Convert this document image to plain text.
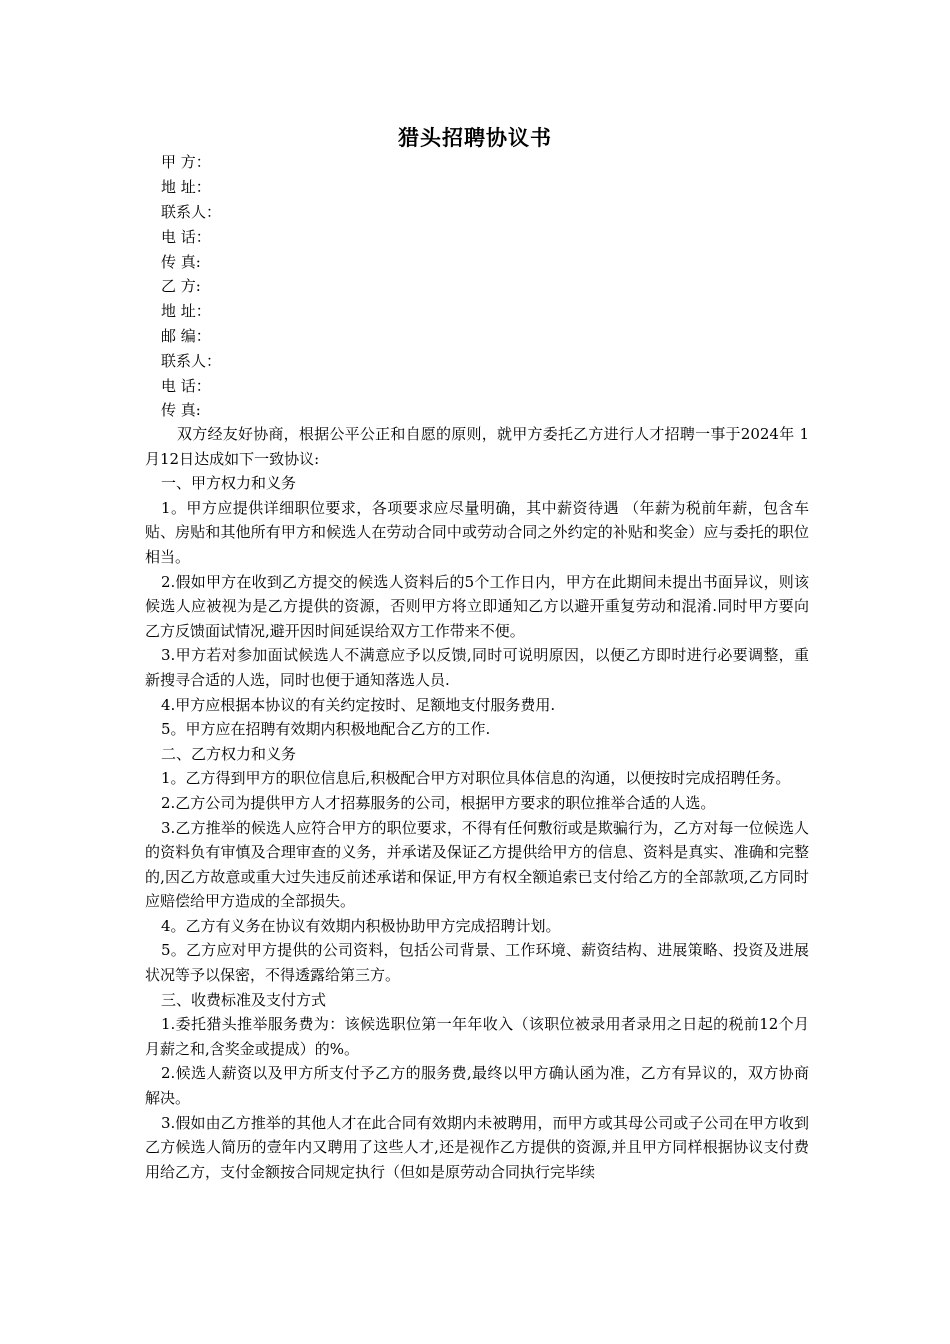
猎头招聘协议书
甲 方：
地 址：
联系人：
电 话：
传 真:
乙 方:
地 址：
邮 编：
联系人：
电 话：
传 真:

双方经友好协商，根据公平公正和自愿的原则，就甲方委托乙方进行人才招聘一事于2024年 1月12日达成如下一致协议:

一、甲方权力和义务

1。甲方应提供详细职位要求，各项要求应尽量明确，其中薪资待遇 （年薪为税前年薪，包含车贴、房贴和其他所有甲方和候选人在劳动合同中或劳动合同之外约定的补贴和奖金）应与委托的职位相当。

2.假如甲方在收到乙方提交的候选人资料后的5个工作日内，甲方在此期间未提出书面异议，则该候选人应被视为是乙方提供的资源，否则甲方将立即通知乙方以避开重复劳动和混淆.同时甲方要向乙方反馈面试情况,避开因时间延误给双方工作带来不便。

3.甲方若对参加面试候选人不满意应予以反馈,同时可说明原因，以便乙方即时进行必要调整，重新搜寻合适的人选，同时也便于通知落选人员.

4.甲方应根据本协议的有关约定按时、足额地支付服务费用.

5。甲方应在招聘有效期内积极地配合乙方的工作.

二、乙方权力和义务

1。乙方得到甲方的职位信息后,积极配合甲方对职位具体信息的沟通，以便按时完成招聘任务。

2.乙方公司为提供甲方人才招募服务的公司，根据甲方要求的职位推举合适的人选。

3.乙方推举的候选人应符合甲方的职位要求，不得有任何敷衍或是欺骗行为，乙方对每一位候选人的资料负有审慎及合理审查的义务，并承诺及保证乙方提供给甲方的信息、资料是真实、准确和完整的,因乙方故意或重大过失违反前述承诺和保证,甲方有权全额追索已支付给乙方的全部款项,乙方同时应赔偿给甲方造成的全部损失。

4。乙方有义务在协议有效期内积极协助甲方完成招聘计划。

5。乙方应对甲方提供的公司资料，包括公司背景、工作环境、薪资结构、进展策略、投资及进展状况等予以保密，不得透露给第三方。

三、收费标准及支付方式

1.委托猎头推举服务费为：该候选职位第一年年收入（该职位被录用者录用之日起的税前12个月月薪之和,含奖金或提成）的%。

2.候选人薪资以及甲方所支付予乙方的服务费,最终以甲方确认函为准，乙方有异议的，双方协商解决。

3.假如由乙方推举的其他人才在此合同有效期内未被聘用，而甲方或其母公司或子公司在甲方收到乙方候选人简历的壹年内又聘用了这些人才,还是视作乙方提供的资源,并且甲方同样根据协议支付费用给乙方，支付金额按合同规定执行（但如是原劳动合同执行完毕续
